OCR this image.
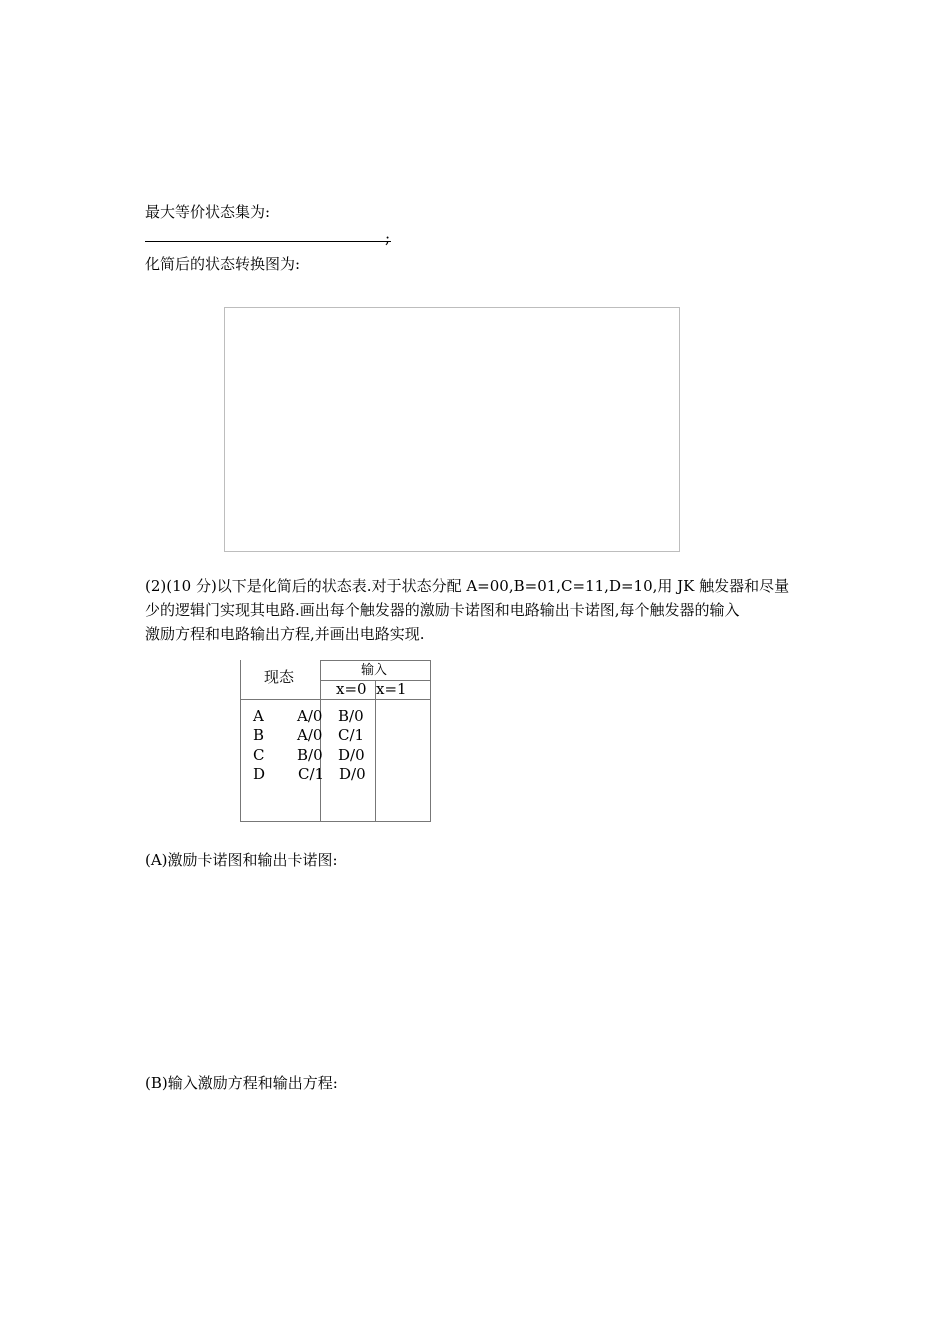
最大等价状态集为:
;
化简后的状态转换图为:
(2)(10 分)以下是化简后的状态表.对于状态分配 A=00,B=01,C=11,D=10,用 JK 触发器和尽量
少的逻辑门实现其电路.画出每个触发器的激励卡诺图和电路输出卡诺图,每个触发器的输入
激励方程和电路输出方程,并画出电路实现.
现态	输入
x=0 x=1
A A/0 B/0
B A/0 C/1
C B/0 D/0
D C/1 D/0
(A)激励卡诺图和输出卡诺图:
(B)输入激励方程和输出方程:
